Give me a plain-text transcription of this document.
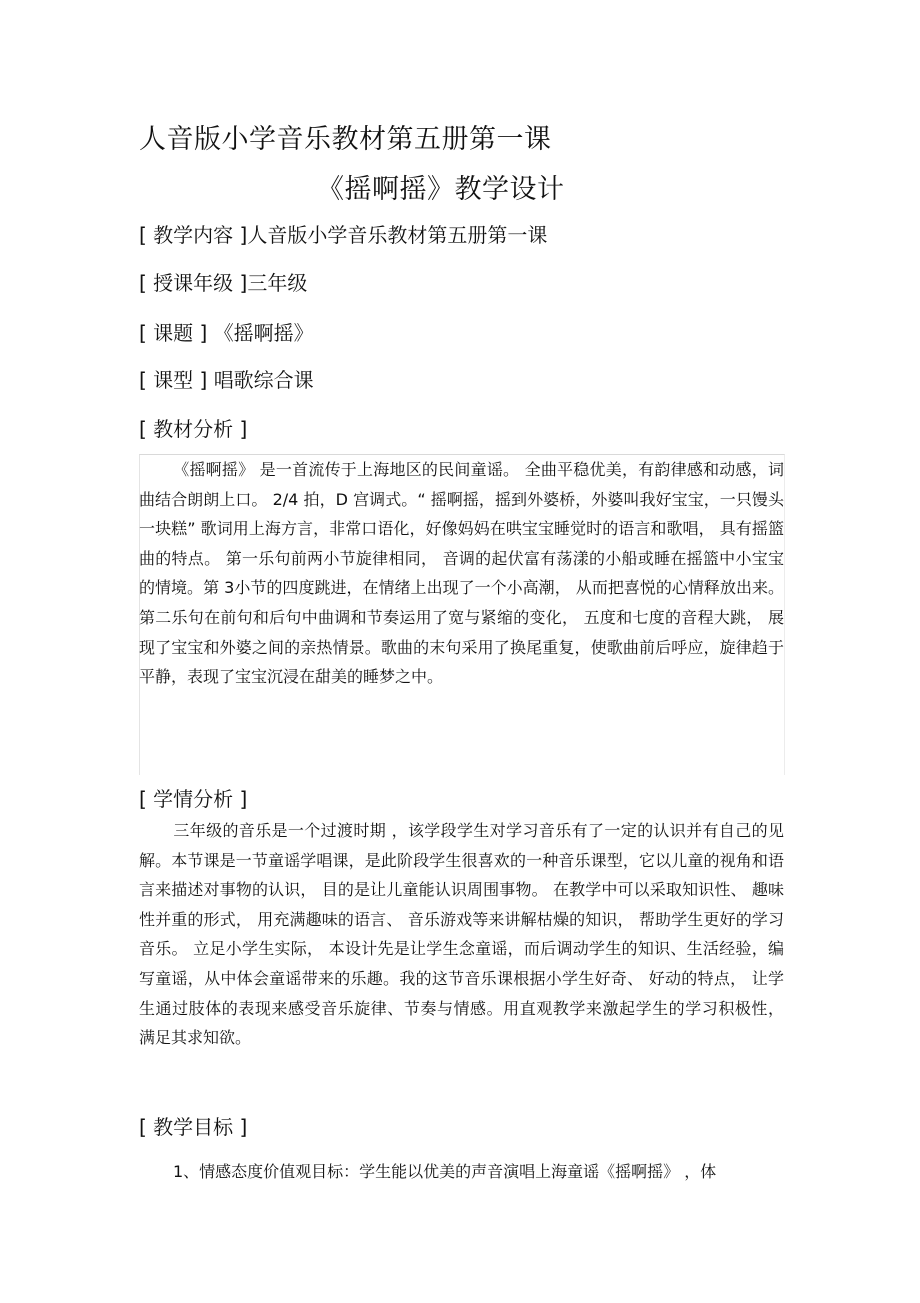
人音版小学音乐教材第五册第一课
《摇啊摇》教学设计
[ 教学内容 ]人音版小学音乐教材第五册第一课
[ 授课年级 ]三年级
[ 课题 ] 《摇啊摇》
[ 课型 ] 唱歌综合课
[ 教材分析 ]

《摇啊摇》 是一首流传于上海地区的民间童谣。 全曲平稳优美，有韵律感和动感，词曲结合朗朗上口。 2/4 拍，D 宫调式。“ 摇啊摇，摇到外婆桥，外婆叫我好宝宝，一只馒头一块糕” 歌词用上海方言，非常口语化，好像妈妈在哄宝宝睡觉时的语言和歌唱， 具有摇篮曲的特点。 第一乐句前两小节旋律相同， 音调的起伏富有荡漾的小船或睡在摇篮中小宝宝的情境。第 3小节的四度跳进，在情绪上出现了一个小高潮， 从而把喜悦的心情释放出来。 第二乐句在前句和后句中曲调和节奏运用了宽与紧缩的变化， 五度和七度的音程大跳， 展现了宝宝和外婆之间的亲热情景。歌曲的末句采用了换尾重复，使歌曲前后呼应，旋律趋于平静，表现了宝宝沉浸在甜美的睡梦之中。

[ 学情分析 ]

三年级的音乐是一个过渡时期 ，该学段学生对学习音乐有了一定的认识并有自己的见解。本节课是一节童谣学唱课，是此阶段学生很喜欢的一种音乐课型，它以儿童的视角和语言来描述对事物的认识， 目的是让儿童能认识周围事物。 在教学中可以采取知识性、 趣味性并重的形式， 用充满趣味的语言、 音乐游戏等来讲解枯燥的知识， 帮助学生更好的学习音乐。 立足小学生实际， 本设计先是让学生念童谣，而后调动学生的知识、生活经验，编写童谣，从中体会童谣带来的乐趣。我的这节音乐课根据小学生好奇、 好动的特点， 让学生通过肢体的表现来感受音乐旋律、节奏与情感。用直观教学来激起学生的学习积极性， 满足其求知欲。

[ 教学目标 ]

1、情感态度价值观目标：学生能以优美的声音演唱上海童谣《摇啊摇》 ，体
